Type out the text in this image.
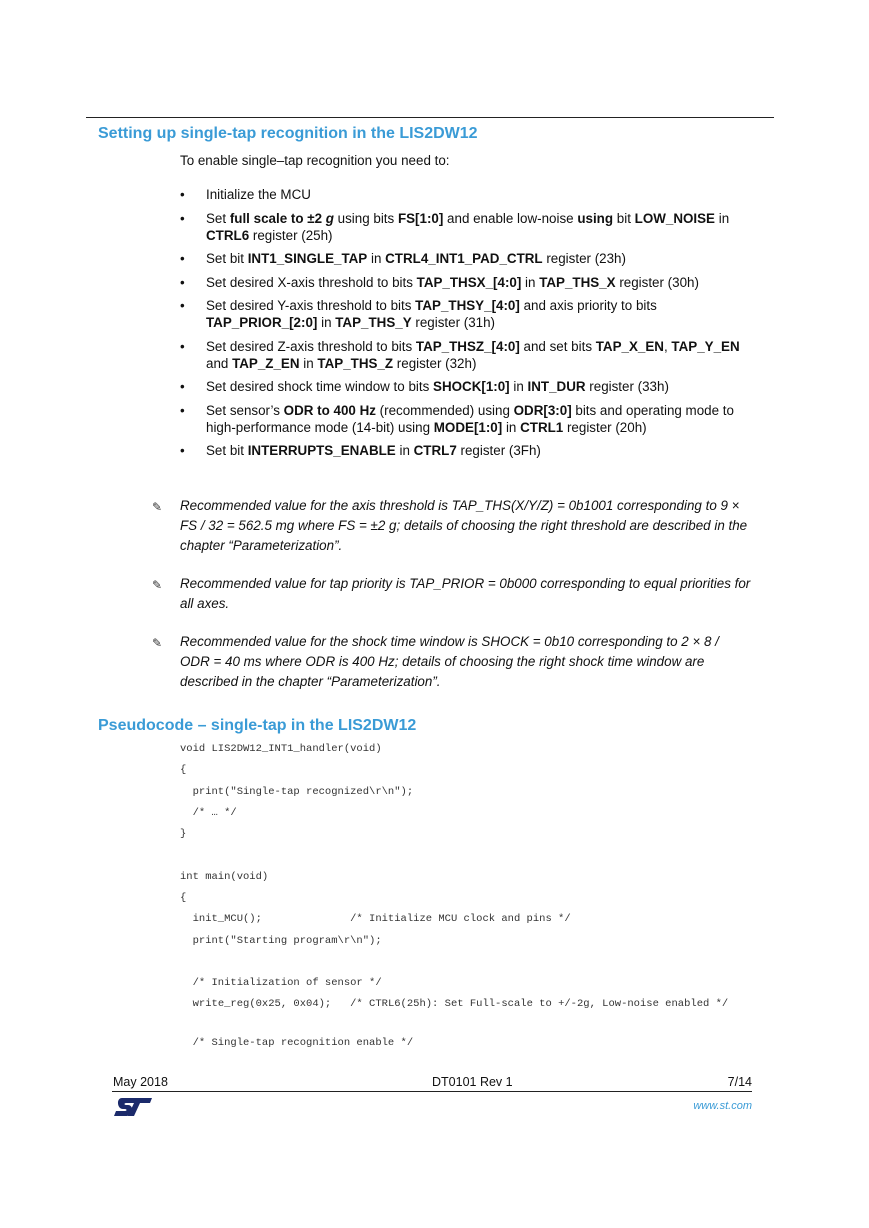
Setting up single-tap recognition in the LIS2DW12

To enable single–tap recognition you need to:

• Initialize the MCU
• Set full scale to ±2 g using bits FS[1:0] and enable low-noise using bit LOW_NOISE in CTRL6 register (25h)
• Set bit INT1_SINGLE_TAP in CTRL4_INT1_PAD_CTRL register (23h)
• Set desired X-axis threshold to bits TAP_THSX_[4:0] in TAP_THS_X register (30h)
• Set desired Y-axis threshold to bits TAP_THSY_[4:0] and axis priority to bits TAP_PRIOR_[2:0] in TAP_THS_Y register (31h)
• Set desired Z-axis threshold to bits TAP_THSZ_[4:0] and set bits TAP_X_EN, TAP_Y_EN and TAP_Z_EN in TAP_THS_Z register (32h)
• Set desired shock time window to bits SHOCK[1:0] in INT_DUR register (33h)
• Set sensor’s ODR to 400 Hz (recommended) using ODR[3:0] bits and operating mode to high-performance mode (14-bit) using MODE[1:0] in CTRL1 register (20h)
• Set bit INTERRUPTS_ENABLE in CTRL7 register (3Fh)
✎ Recommended value for the axis threshold is TAP_THS(X/Y/Z) = 0b1001 corresponding to 9 × FS / 32 = 562.5 mg where FS = ±2 g; details of choosing the right threshold are described in the chapter “Parameterization”.
✎ Recommended value for tap priority is TAP_PRIOR = 0b000 corresponding to equal priorities for all axes.
✎ Recommended value for the shock time window is SHOCK = 0b10 corresponding to 2 × 8 / ODR = 40 ms where ODR is 400 Hz; details of choosing the right shock time window are described in the chapter “Parameterization”.
Pseudocode – single-tap in the LIS2DW12
void LIS2DW12_INT1_handler(void)
{
print("Single-tap recognized\r\n");
/* … */
}
int main(void)
{
init_MCU();              /* Initialize MCU clock and pins */
print("Starting program\r\n");
/* Initialization of sensor */
write_reg(0x25, 0x04);   /* CTRL6(25h): Set Full-scale to +/-2g, Low-noise enabled */
/* Single-tap recognition enable */
May 2018	DT0101 Rev 1	7/14
www.st.com
